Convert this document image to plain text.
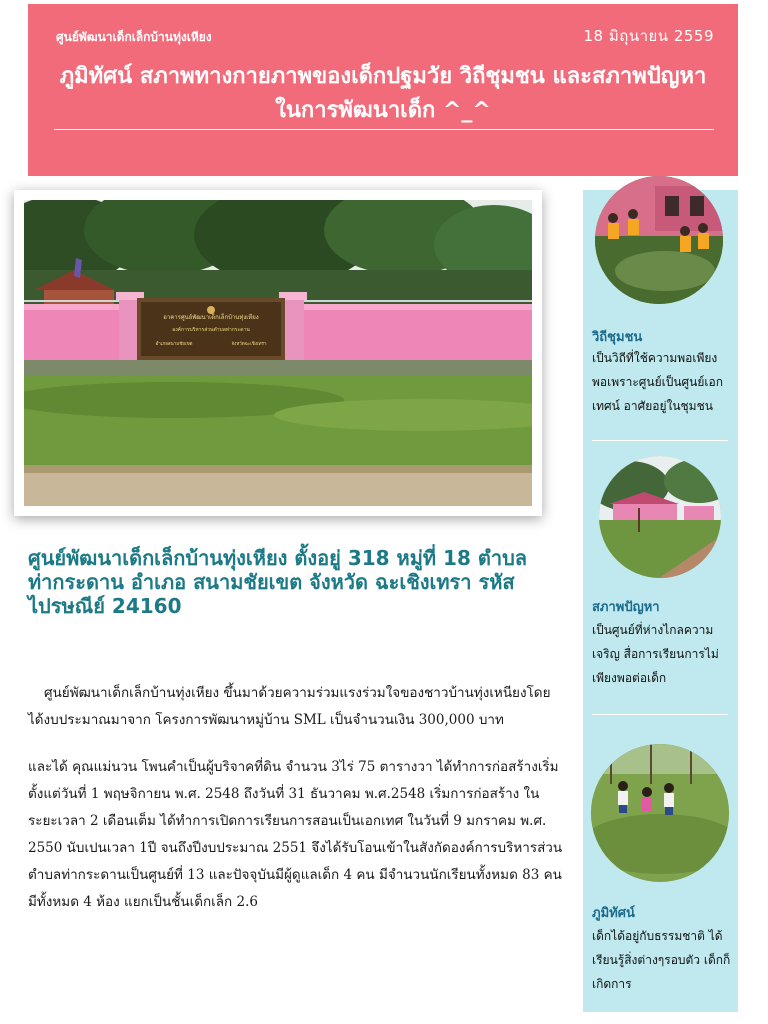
ศูนย์พัฒนาเด็กเล็กบ้านทุ่งเหียง	18 มิถุนายน 2559
ภูมิทัศน์ สภาพทางกายภาพของเด็กปฐมวัย วิถีชุมชน และสภาพปัญหาในการพัฒนาเด็ก ^_^
อาคารศูนย์พัฒนาเด็กเล็กบ้านทุ่งเหียง
องค์การบริหารส่วนตำบลท่ากระดาน
อำเภอสนามชัยเขต	จังหวัดฉะเชิงเทรา
ศูนย์พัฒนาเด็กเล็กบ้านทุ่งเหียง ตั้งอยู่ 318 หมู่ที่ 18 ตำบลท่ากระดาน อำเภอ สนามชัยเขต จังหวัด ฉะเชิงเทรา รหัสไปรษณีย์ 24160

ศูนย์พัฒนาเด็กเล็กบ้านทุ่งเหียง ขึ้นมาด้วยความร่วมแรงร่วมใจของชาวบ้านทุ่งเหนียงโดยได้งบประมาณมาจาก โครงการพัฒนาหมู่บ้าน SML เป็นจำนวนเงิน 300,000 บาท

และได้ คุณแม่นวน โพนคำเป็นผู้บริจาคที่ดิน จำนวน 3ไร่ 75 ตารางวา ได้ทำการก่อสร้างเริ่มตั้งแต่วันที่ 1 พฤษจิกายน พ.ศ. 2548 ถึงวันที่ 31 ธันวาคม พ.ศ.2548 เริ่มการก่อสร้าง ในระยะเวลา 2 เดือนเต็ม ได้ทำการเปิดการเรียนการสอนเป็นเอกเทศ ในวันที่ 9 มกราคม พ.ศ. 2550 นับเปนเวลา 1ปี จนถึงปีงบประมาณ 2551 จึงได้รับโอนเข้าในสังกัดองค์การบริหารส่วนตำบลท่ากระดานเป็นศูนย์ที่ 13 และปัจจุบันมีผู้ดูแลเด็ก 4 คน มีจำนวนนักเรียนทั้งหมด 83 คน มีทั้งหมด 4 ห้อง แยกเป็นชั้นเด็กเล็ก 2.6

วิถีชุมชน
เป็นวิถีที่ใช้ความพอเพียงพอเพราะศูนย์เป็นศูนย์เอกเทศน์ อาศัยอยู่ในชุมชน
สภาพปัญหา
เป็นศูนย์ที่ห่างไกลความเจริญ สื่อการเรียนการไม่เพียงพอต่อเด็ก
ภูมิทัศน์
เด็กได้อยู่กับธรรมชาติ ได้เรียนรู้สิ่งต่างๆรอบตัว เด็กก็เกิดการ
